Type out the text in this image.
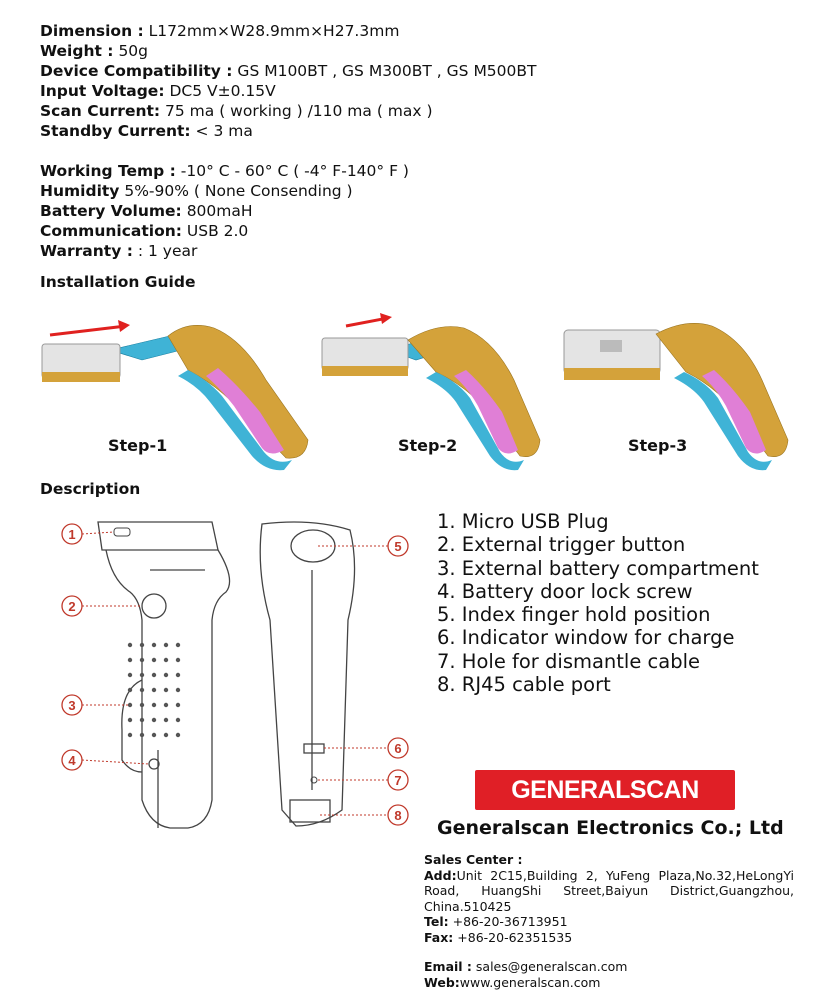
Dimension : L172mm×W28.9mm×H27.3mm
Weight : 50g
Device Compatibility : GS M100BT , GS M300BT , GS M500BT
Input Voltage: DC5 V±0.15V
Scan Current: 75 ma ( working ) /110 ma ( max )
Standby Current: < 3 ma
Working Temp : -10° C - 60° C ( -4° F-140° F )
Humidity 5%-90% ( None Consending )
Battery Volume: 800maH
Communication: USB 2.0
Warranty : : 1 year
Installation Guide
Step-1	Step-2	Step-3
Description
1
2
3
4
5
6
7
8
1. Micro USB Plug
2. External trigger button
3. External battery compartment
4. Battery door lock screw
5. Index finger hold position
6. Indicator window for charge
7. Hole for dismantle cable
8. RJ45 cable port
GENERALSCAN
Generalscan Electronics Co.; Ltd
Sales Center :
Add:Unit 2C15,Building 2, YuFeng Plaza,No.32,HeLongYi Road, HuangShi Street,Baiyun District,Guangzhou, China.510425
Tel: +86-20-36713951
Fax: +86-20-62351535
Email : sales@generalscan.com
Web:www.generalscan.com
